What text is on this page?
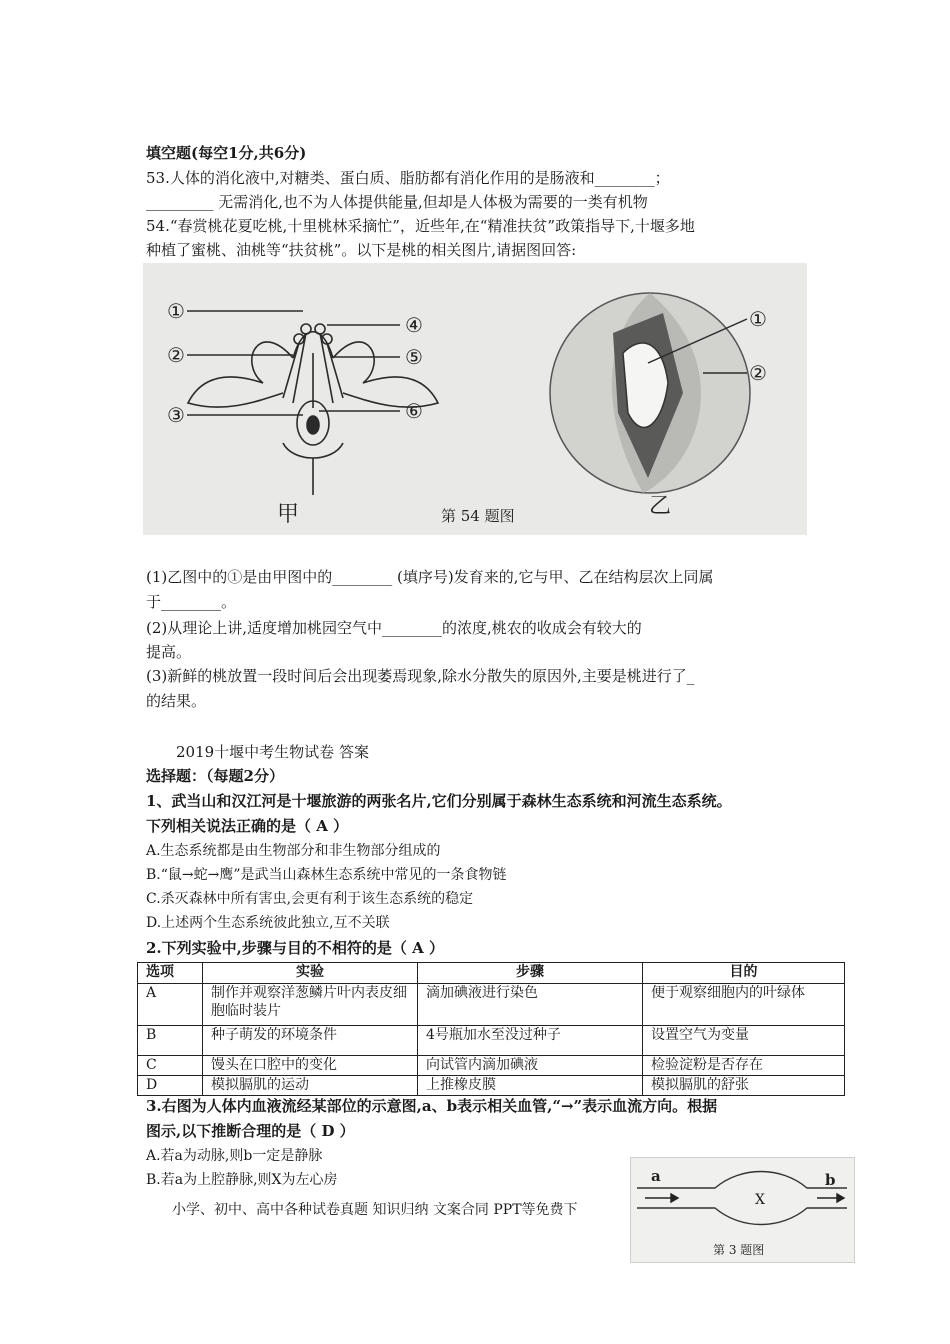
填空题(每空1分,共6分)
53.人体的消化液中,对糖类、蛋白质、脂肪都有消化作用的是肠液和________；
_________ 无需消化,也不为人体提供能量,但却是人体极为需要的一类有机物
54.“春赏桃花夏吃桃,十里桃林采摘忙”，近些年,在“精准扶贫”政策指导下,十堰多地
种植了蜜桃、油桃等“扶贫桃”。以下是桃的相关图片,请据图回答:
①
②
③
④
⑤
⑥
甲	第 54 题图
①
②
乙
(1)乙图中的①是由甲图中的________ (填序号)发育来的,它与甲、乙在结构层次上同属
于________。
(2)从理论上讲,适度增加桃园空气中________的浓度,桃农的收成会有较大的
提高。
(3)新鲜的桃放置一段时间后会出现萎焉现象,除水分散失的原因外,主要是桃进行了_
的结果。
2019十堰中考生物试卷 答案
选择题：（每题2分）
1、武当山和汉江河是十堰旅游的两张名片,它们分别属于森林生态系统和河流生态系统。
下列相关说法正确的是（ A ）
A.生态系统都是由生物部分和非生物部分组成的
B.“鼠→蛇→鹰”是武当山森林生态系统中常见的一条食物链
C.杀灭森林中所有害虫,会更有利于该生态系统的稳定
D.上述两个生态系统彼此独立,互不关联
2.下列实验中,步骤与目的不相符的是（ A ）
选项	实验	步骤	目的
A	制作并观察洋葱鳞片叶内表皮细胞临时装片	滴加碘液进行染色	便于观察细胞内的叶绿体
B	种子萌发的环境条件	4号瓶加水至没过种子	设置空气为变量
C	馒头在口腔中的变化	向试管内滴加碘液	检验淀粉是否存在
D	模拟膈肌的运动	上推橡皮膜	模拟膈肌的舒张
3.右图为人体内血液流经某部位的示意图,a、b表示相关血管,“→”表示血流方向。根据
图示,以下推断合理的是（ D ）
A.若a为动脉,则b一定是静脉
B.若a为上腔静脉,则X为左心房	a	b
X
第 3 题图
小学、初中、高中各种试卷真题 知识归纳 文案合同 PPT等免费下
